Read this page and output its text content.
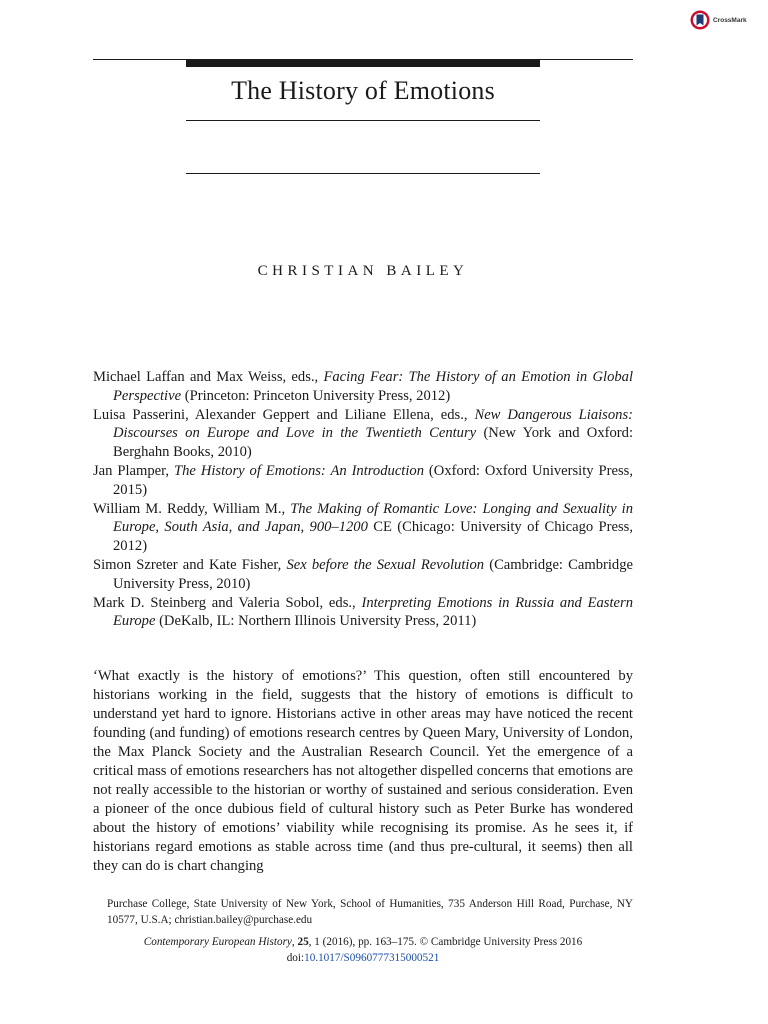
CrossMark
The History of Emotions
CHRISTIAN BAILEY
Michael Laffan and Max Weiss, eds., Facing Fear: The History of an Emotion in Global Perspective (Princeton: Princeton University Press, 2012)
Luisa Passerini, Alexander Geppert and Liliane Ellena, eds., New Dangerous Liaisons: Discourses on Europe and Love in the Twentieth Century (New York and Oxford: Berghahn Books, 2010)
Jan Plamper, The History of Emotions: An Introduction (Oxford: Oxford University Press, 2015)
William M. Reddy, William M., The Making of Romantic Love: Longing and Sexuality in Europe, South Asia, and Japan, 900–1200 CE (Chicago: University of Chicago Press, 2012)
Simon Szreter and Kate Fisher, Sex before the Sexual Revolution (Cambridge: Cambridge University Press, 2010)
Mark D. Steinberg and Valeria Sobol, eds., Interpreting Emotions in Russia and Eastern Europe (DeKalb, IL: Northern Illinois University Press, 2011)

‘What exactly is the history of emotions?’ This question, often still encountered by historians working in the field, suggests that the history of emotions is difficult to understand yet hard to ignore. Historians active in other areas may have noticed the recent founding (and funding) of emotions research centres by Queen Mary, University of London, the Max Planck Society and the Australian Research Council. Yet the emergence of a critical mass of emotions researchers has not altogether dispelled concerns that emotions are not really accessible to the historian or worthy of sustained and serious consideration. Even a pioneer of the once dubious field of cultural history such as Peter Burke has wondered about the history of emotions’ viability while recognising its promise. As he sees it, if historians regard emotions as stable across time (and thus pre-cultural, it seems) then all they can do is chart changing

Purchase College, State University of New York, School of Humanities, 735 Anderson Hill Road, Purchase, NY 10577, U.S.A; christian.bailey@purchase.edu

Contemporary European History, 25, 1 (2016), pp. 163–175. © Cambridge University Press 2016
doi:10.1017/S0960777315000521
